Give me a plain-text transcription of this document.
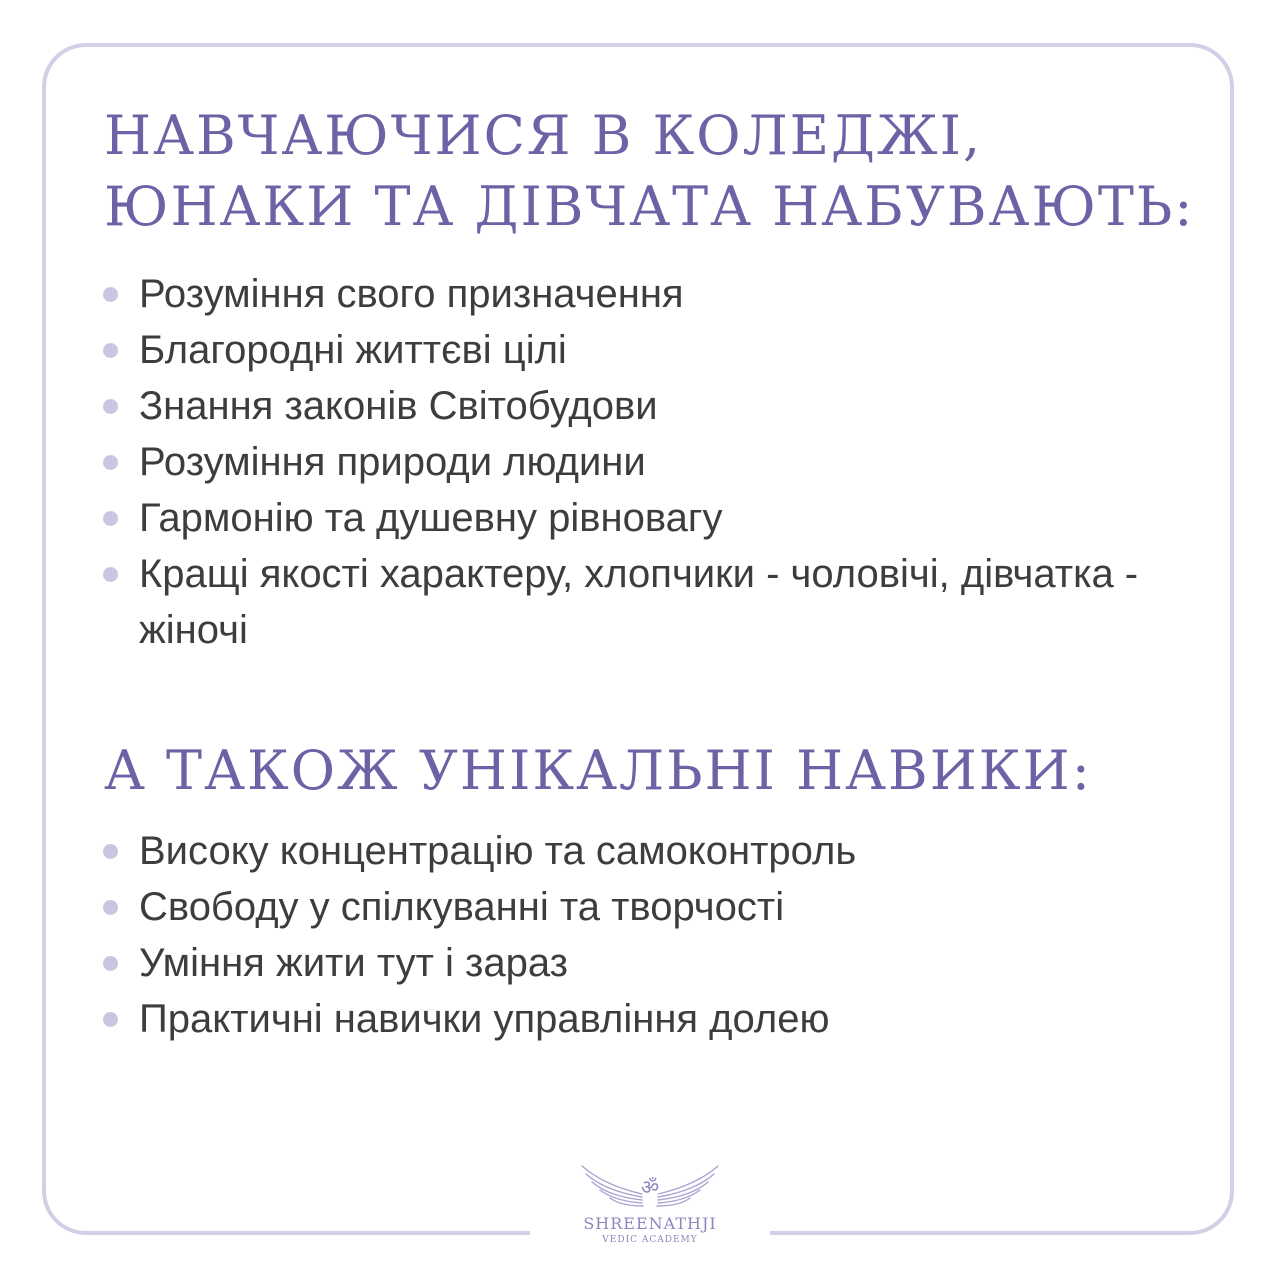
НАВЧАЮЧИСЯ В КОЛЕДЖІ,
ЮНАКИ ТА ДІВЧАТА НАБУВАЮТЬ:
Розуміння свого призначення
Благородні життєві цілі
Знання законів Світобудови
Розуміння природи людини
Гармонію та душевну рівновагу
Кращі якості характеру, хлопчики - чоловічі, дівчатка - жіночі
А ТАКОЖ УНІКАЛЬНІ НАВИКИ:
Високу концентрацію та самоконтроль
Свободу у спілкуванні та творчості
Уміння жити тут і зараз
Практичні навички управління долею
ॐ
SHREENATHJI
VEDIC ACADEMY
